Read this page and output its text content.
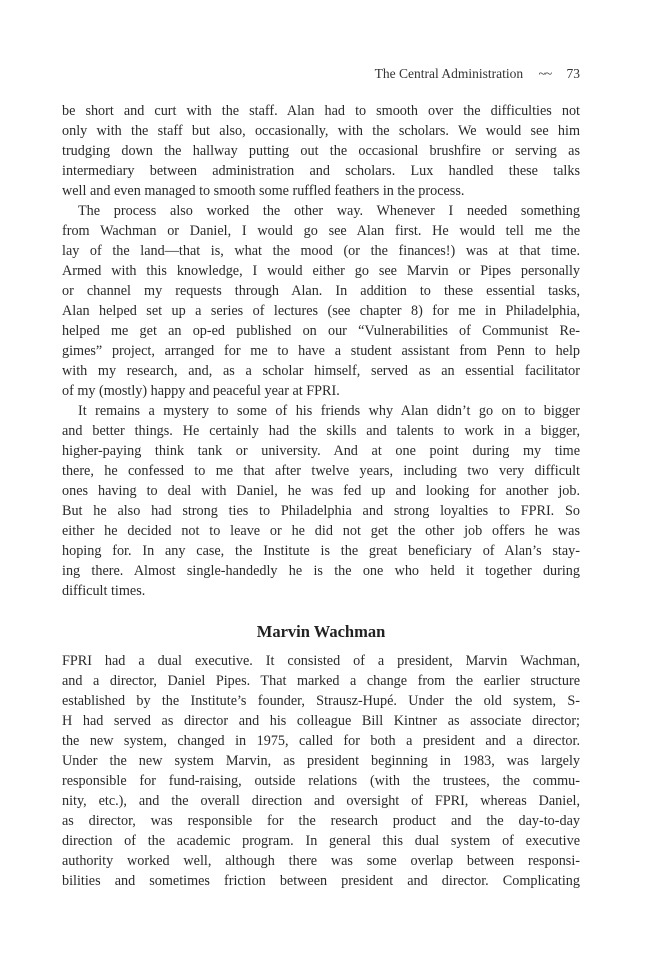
The Central Administration ~~ 73
be short and curt with the staff. Alan had to smooth over the difficulties not
only with the staff but also, occasionally, with the scholars. We would see him
trudging down the hallway putting out the occasional brushfire or serving as
intermediary between administration and scholars. Lux handled these talks
well and even managed to smooth some ruffled feathers in the process.
The process also worked the other way. Whenever I needed something
from Wachman or Daniel, I would go see Alan first. He would tell me the
lay of the land—that is, what the mood (or the finances!) was at that time.
Armed with this knowledge, I would either go see Marvin or Pipes personally
or channel my requests through Alan. In addition to these essential tasks,
Alan helped set up a series of lectures (see chapter 8) for me in Philadelphia,
helped me get an op-ed published on our “Vulnerabilities of Communist Re-
gimes” project, arranged for me to have a student assistant from Penn to help
with my research, and, as a scholar himself, served as an essential facilitator
of my (mostly) happy and peaceful year at FPRI.
It remains a mystery to some of his friends why Alan didn’t go on to bigger
and better things. He certainly had the skills and talents to work in a bigger,
higher-paying think tank or university. And at one point during my time
there, he confessed to me that after twelve years, including two very difficult
ones having to deal with Daniel, he was fed up and looking for another job.
But he also had strong ties to Philadelphia and strong loyalties to FPRI. So
either he decided not to leave or he did not get the other job offers he was
hoping for. In any case, the Institute is the great beneficiary of Alan’s stay-
ing there. Almost single-handedly he is the one who held it together during
difficult times.
Marvin Wachman
FPRI had a dual executive. It consisted of a president, Marvin Wachman,
and a director, Daniel Pipes. That marked a change from the earlier structure
established by the Institute’s founder, Strausz-Hupé. Under the old system, S-
H had served as director and his colleague Bill Kintner as associate director;
the new system, changed in 1975, called for both a president and a director.
Under the new system Marvin, as president beginning in 1983, was largely
responsible for fund-raising, outside relations (with the trustees, the commu-
nity, etc.), and the overall direction and oversight of FPRI, whereas Daniel,
as director, was responsible for the research product and the day-to-day
direction of the academic program. In general this dual system of executive
authority worked well, although there was some overlap between responsi-
bilities and sometimes friction between president and director. Complicating
